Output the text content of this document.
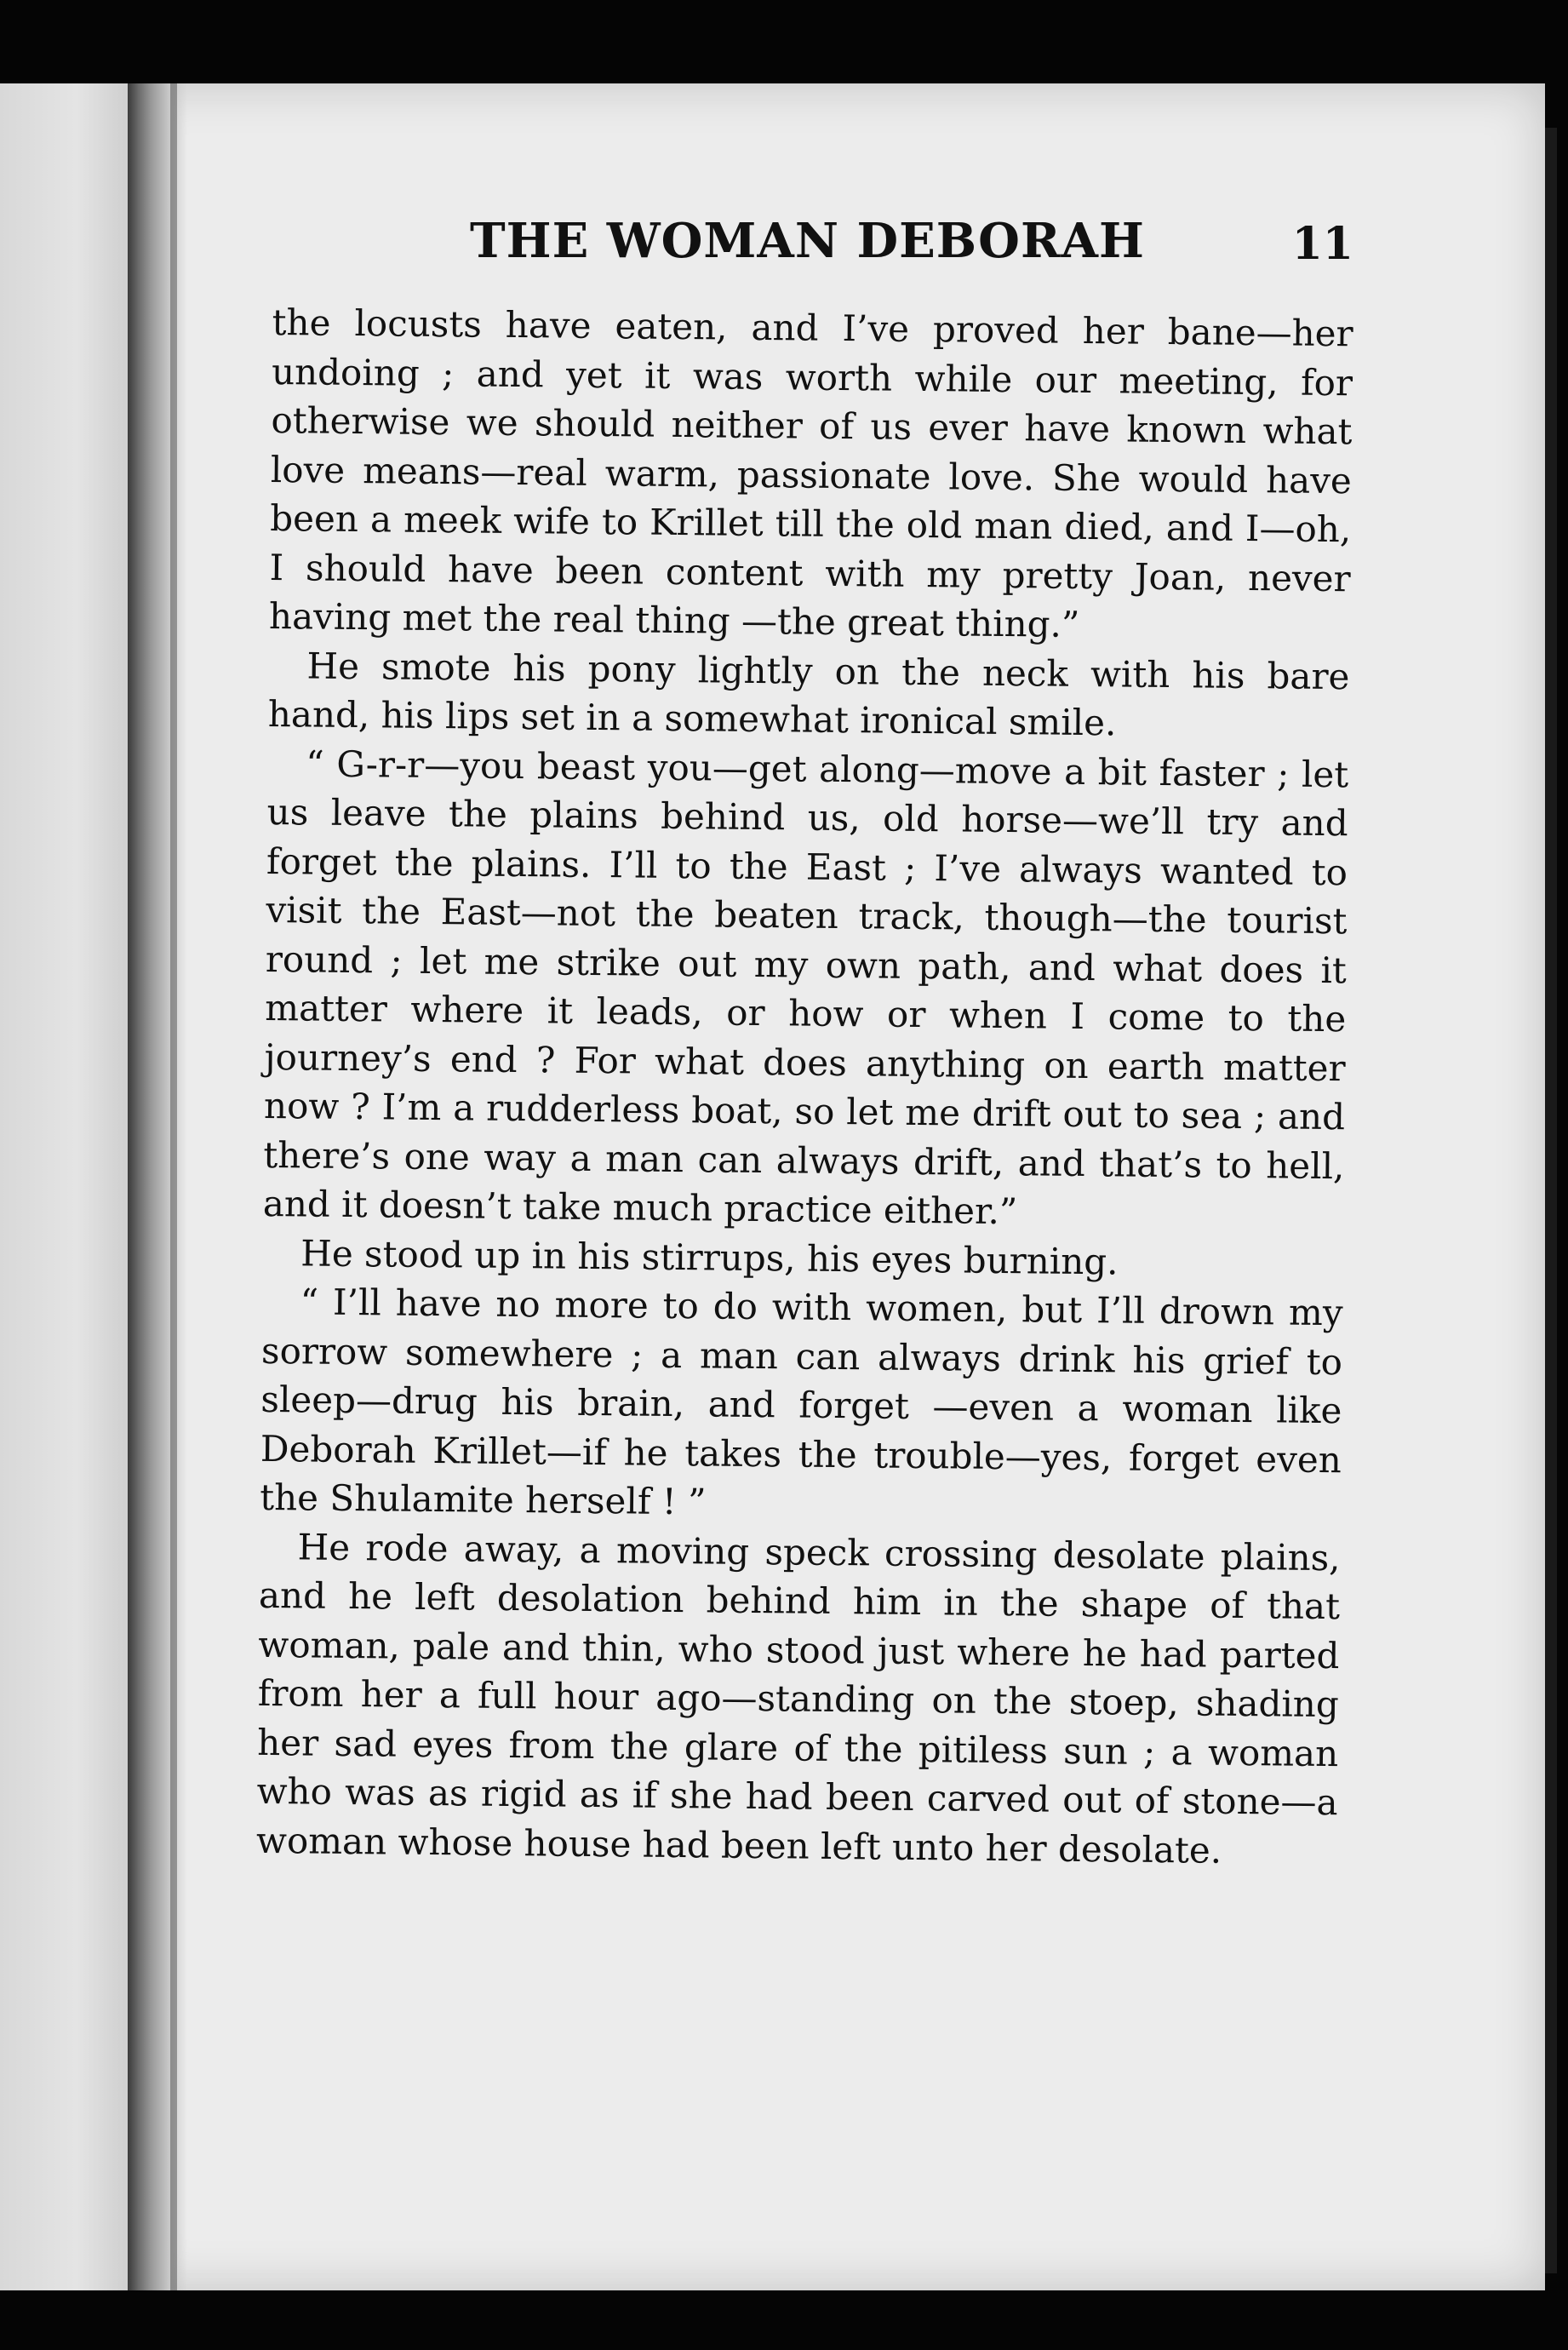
THE WOMAN DEBORAH	11

the locusts have eaten, and I’ve proved her bane—her undoing ; and yet it was worth while our meeting, for otherwise we should neither of us ever have known what love means—real warm, passionate love. She would have been a meek wife to Krillet till the old man died, and I—oh, I should have been content with my pretty Joan, never having met the real thing —the great thing.”

He smote his pony lightly on the neck with his bare hand, his lips set in a somewhat ironical smile.

“ G-r-r—you beast you—get along—move a bit faster ; let us leave the plains behind us, old horse—we’ll try and forget the plains. I’ll to the East ; I’ve always wanted to visit the East—not the beaten track, though—the tourist round ; let me strike out my own path, and what does it matter where it leads, or how or when I come to the journey’s end ? For what does anything on earth matter now ? I’m a rudderless boat, so let me drift out to sea ; and there’s one way a man can always drift, and that’s to hell, and it doesn’t take much practice either.”

He stood up in his stirrups, his eyes burning.

“ I’ll have no more to do with women, but I’ll drown my sorrow somewhere ; a man can always drink his grief to sleep—drug his brain, and forget —even a woman like Deborah Krillet—if he takes the trouble—yes, forget even the Shulamite herself ! ”

He rode away, a moving speck crossing desolate plains, and he left desolation behind him in the shape of that woman, pale and thin, who stood just where he had parted from her a full hour ago—standing on the stoep, shading her sad eyes from the glare of the pitiless sun ; a woman who was as rigid as if she had been carved out of stone—a woman whose house had been left unto her desolate.
